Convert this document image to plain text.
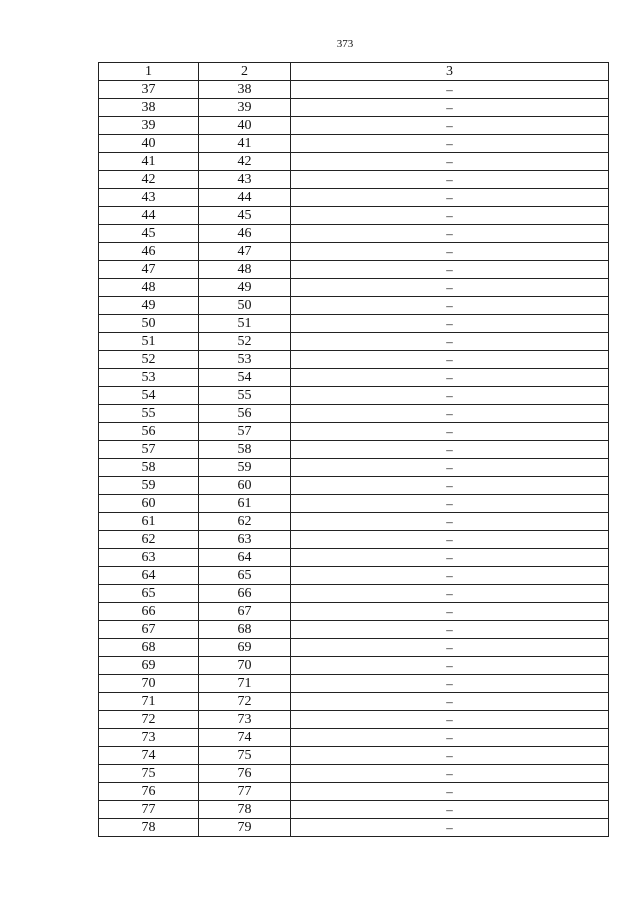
373
1	2	3
37	38	–
38	39	–
39	40	–
40	41	–
41	42	–
42	43	–
43	44	–
44	45	–
45	46	–
46	47	–
47	48	–
48	49	–
49	50	–
50	51	–
51	52	–
52	53	–
53	54	–
54	55	–
55	56	–
56	57	–
57	58	–
58	59	–
59	60	–
60	61	–
61	62	–
62	63	–
63	64	–
64	65	–
65	66	–
66	67	–
67	68	–
68	69	–
69	70	–
70	71	–
71	72	–
72	73	–
73	74	–
74	75	–
75	76	–
76	77	–
77	78	–
78	79	–
